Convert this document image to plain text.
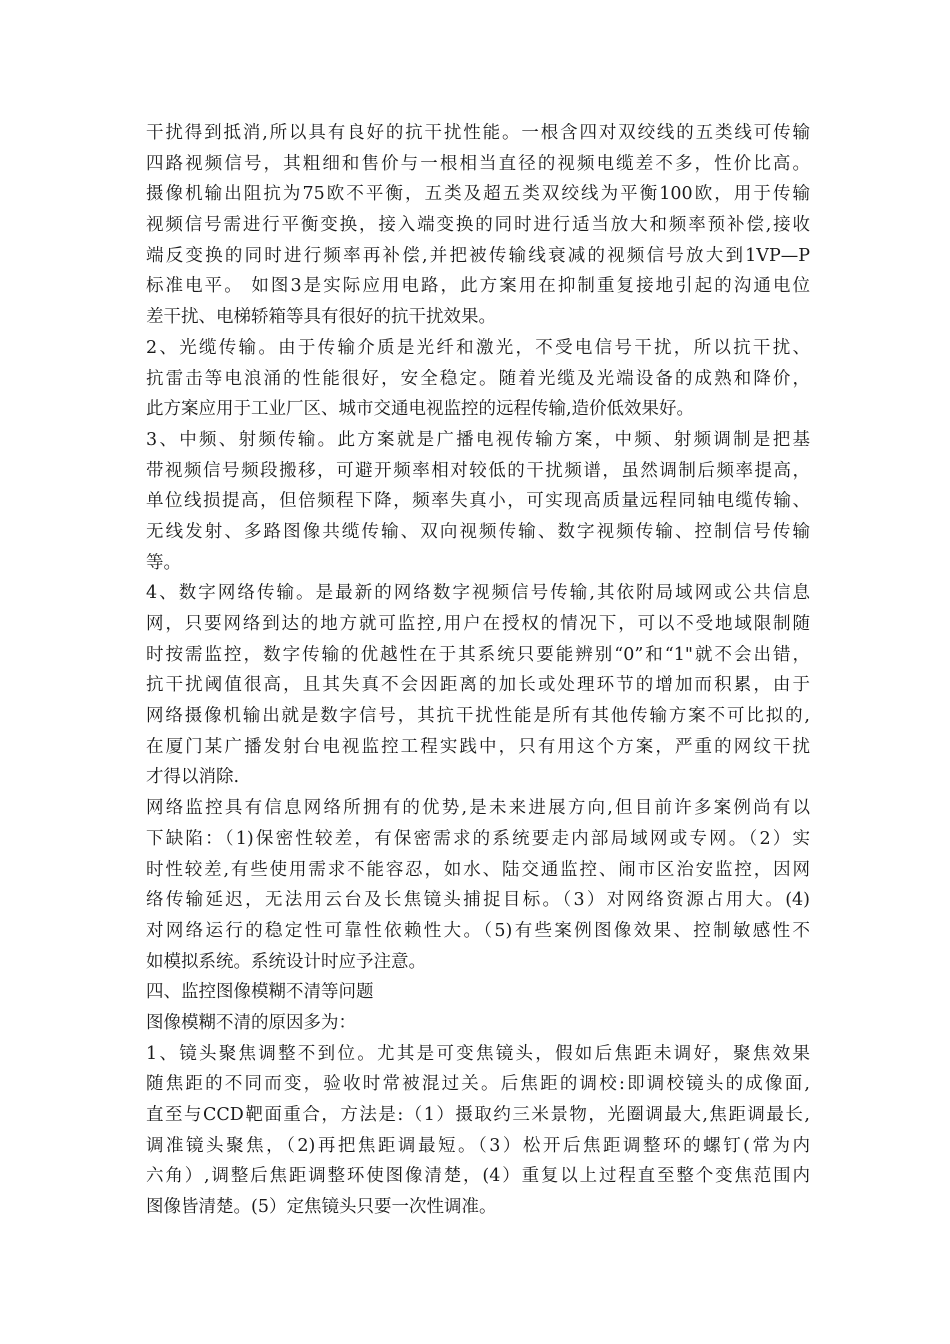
干扰得到抵消,所以具有良好的抗干扰性能。一根含四对双绞线的五类线可传输
四路视频信号，其粗细和售价与一根相当直径的视频电缆差不多，性价比高。
摄像机输出阻抗为75欧不平衡，五类及超五类双绞线为平衡100欧，用于传输
视频信号需进行平衡变换，接入端变换的同时进行适当放大和频率预补偿,接收
端反变换的同时进行频率再补偿,并把被传输线衰减的视频信号放大到1VP—P
标准电平。 如图3是实际应用电路，此方案用在抑制重复接地引起的沟通电位
差干扰、电梯轿箱等具有很好的抗干扰效果。
2、光缆传输。由于传输介质是光纤和激光，不受电信号干扰，所以抗干扰、
抗雷击等电浪涌的性能很好，安全稳定。随着光缆及光端设备的成熟和降价，
此方案应用于工业厂区、城市交通电视监控的远程传输,造价低效果好。
3、中频、射频传输。此方案就是广播电视传输方案，中频、射频调制是把基
带视频信号频段搬移，可避开频率相对较低的干扰频谱，虽然调制后频率提高，
单位线损提高，但倍频程下降，频率失真小，可实现高质量远程同轴电缆传输、
无线发射、多路图像共缆传输、双向视频传输、数字视频传输、控制信号传输
等。
4、数字网络传输。是最新的网络数字视频信号传输,其依附局域网或公共信息
网，只要网络到达的地方就可监控,用户在授权的情况下，可以不受地域限制随
时按需监控，数字传输的优越性在于其系统只要能辨别“0”和“1"就不会出错，
抗干扰阈值很高，且其失真不会因距离的加长或处理环节的增加而积累，由于
网络摄像机输出就是数字信号，其抗干扰性能是所有其他传输方案不可比拟的,
在厦门某广播发射台电视监控工程实践中，只有用这个方案，严重的网纹干扰
才得以消除.
网络监控具有信息网络所拥有的优势,是未来进展方向,但目前许多案例尚有以
下缺陷：（1)保密性较差，有保密需求的系统要走内部局域网或专网。（2）实
时性较差,有些使用需求不能容忍，如水、陆交通监控、闹市区治安监控，因网
络传输延迟，无法用云台及长焦镜头捕捉目标。（3）对网络资源占用大。(4)
对网络运行的稳定性可靠性依赖性大。（5)有些案例图像效果、控制敏感性不
如模拟系统。系统设计时应予注意。
四、监控图像模糊不清等问题
图像模糊不清的原因多为：
1、镜头聚焦调整不到位。尤其是可变焦镜头，假如后焦距未调好，聚焦效果
随焦距的不同而变，验收时常被混过关。后焦距的调校:即调校镜头的成像面,
直至与CCD靶面重合，方法是:（1）摄取约三米景物，光圈调最大,焦距调最长,
调准镜头聚焦，（2)再把焦距调最短。（3）松开后焦距调整环的螺钉(常为内
六角）,调整后焦距调整环使图像清楚，(4）重复以上过程直至整个变焦范围内
图像皆清楚。(5）定焦镜头只要一次性调准。
